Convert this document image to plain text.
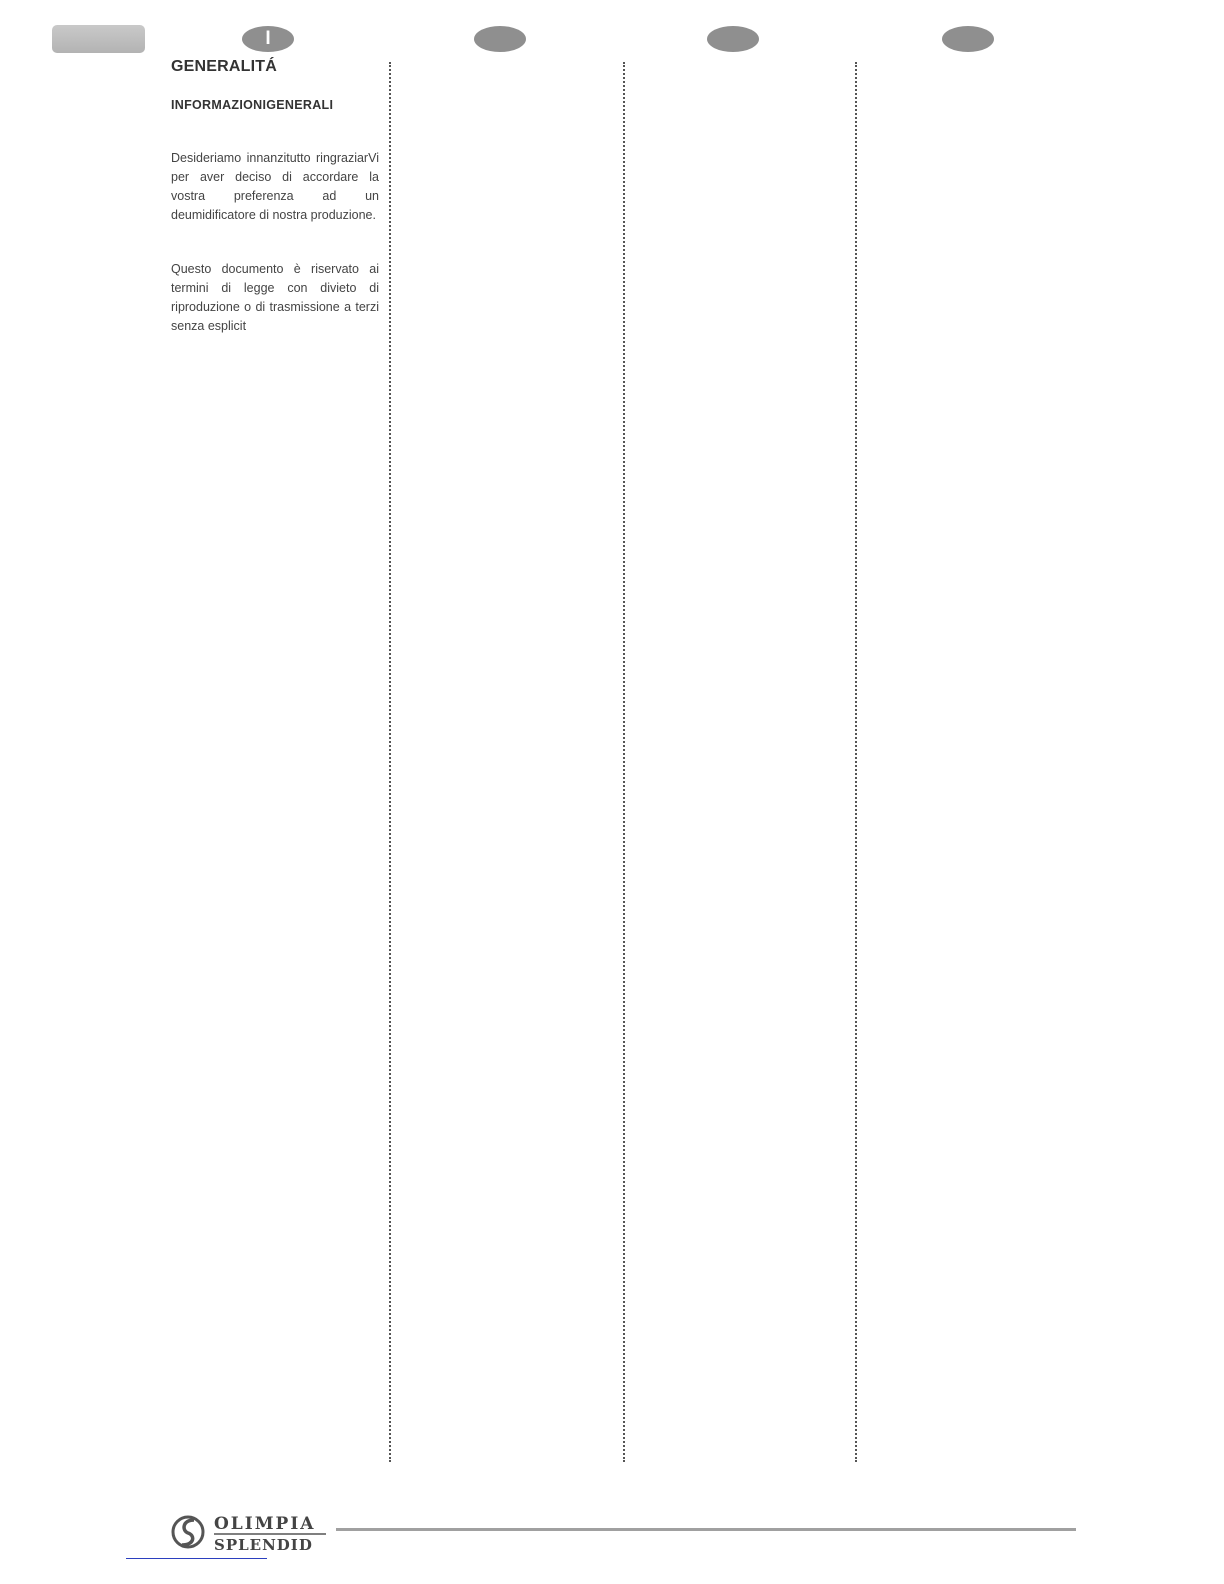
I
GENERALITÁ
INFORMAZIONIGENERALI

Desideriamo innanzitutto ringraziarVi per aver deciso di accordare la vostra preferenza ad un deumidificatore di nostra produzione.

Questo documento è riservato ai termini di legge con divieto di riproduzione o di trasmissione a terzi senza esplicit

OLIMPIA
SPLENDID
